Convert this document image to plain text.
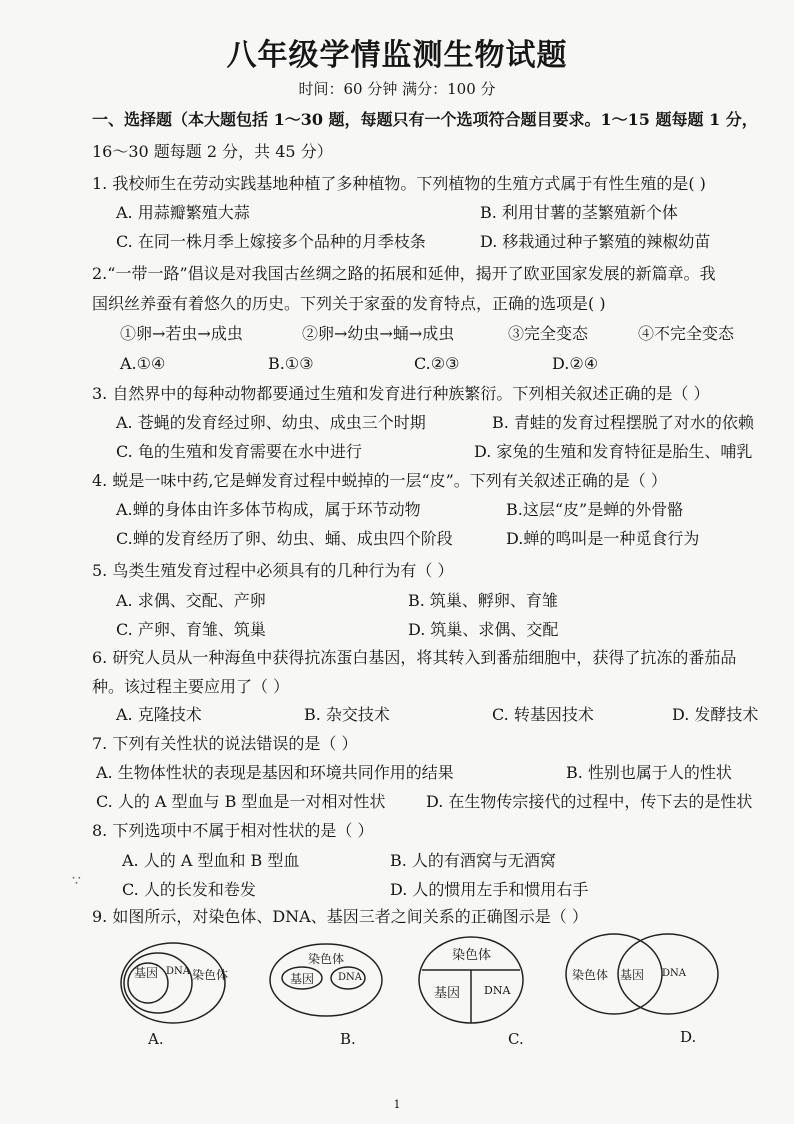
八年级学情监测生物试题
时间：60 分钟 满分：100 分
一、选择题（本大题包括 1～30 题，每题只有一个选项符合题目要求。1～15 题每题 1 分，
16～30 题每题 2 分，共 45 分）
1. 我校师生在劳动实践基地种植了多种植物。下列植物的生殖方式属于有性生殖的是( )
A. 用蒜瓣繁殖大蒜	B. 利用甘薯的茎繁殖新个体
C. 在同一株月季上嫁接多个品种的月季枝条	D. 移栽通过种子繁殖的辣椒幼苗
2.“一带一路”倡议是对我国古丝绸之路的拓展和延伸，揭开了欧亚国家发展的新篇章。我
国织丝养蚕有着悠久的历史。下列关于家蚕的发育特点，正确的选项是( )
①卵→若虫→成虫	②卵→幼虫→蛹→成虫	③完全变态	④不完全变态
A.①④	B.①③	C.②③	D.②④
3. 自然界中的每种动物都要通过生殖和发育进行种族繁衍。下列相关叙述正确的是（ ）
A. 苍蝇的发育经过卵、幼虫、成虫三个时期	B. 青蛙的发育过程摆脱了对水的依赖
C. 龟的生殖和发育需要在水中进行	D. 家兔的生殖和发育特征是胎生、哺乳
4. 蜕是一味中药,它是蝉发育过程中蜕掉的一层“皮”。下列有关叙述正确的是（ ）
A.蝉的身体由许多体节构成，属于环节动物	B.这层“皮”是蝉的外骨骼
C.蝉的发育经历了卵、幼虫、蛹、成虫四个阶段	D.蝉的鸣叫是一种觅食行为
5. 鸟类生殖发育过程中必须具有的几种行为有（ ）
A. 求偶、交配、产卵	B. 筑巢、孵卵、育雏
C. 产卵、育雏、筑巢	D. 筑巢、求偶、交配
6. 研究人员从一种海鱼中获得抗冻蛋白基因，将其转入到番茄细胞中，获得了抗冻的番茄品
种。该过程主要应用了（ ）
A. 克隆技术	B. 杂交技术	C. 转基因技术	D. 发酵技术
7. 下列有关性状的说法错误的是（ ）
A. 生物体性状的表现是基因和环境共同作用的结果	B. 性别也属于人的性状
C. 人的 A 型血与 B 型血是一对相对性状	D. 在生物传宗接代的过程中，传下去的是性状
8. 下列选项中不属于相对性状的是（ ）
A. 人的 A 型血和 B 型血	B. 人的有酒窝与无酒窝
C. 人的长发和卷发	D. 人的惯用左手和惯用右手
∵
9. 如图所示，对染色体、DNA、基因三者之间关系的正确图示是（ ）
基因 DNA 染色体
A.
染色体
基因 DNA
B.
染色体
基因 DNA
C.
染色体 基因 DNA
D.
1
